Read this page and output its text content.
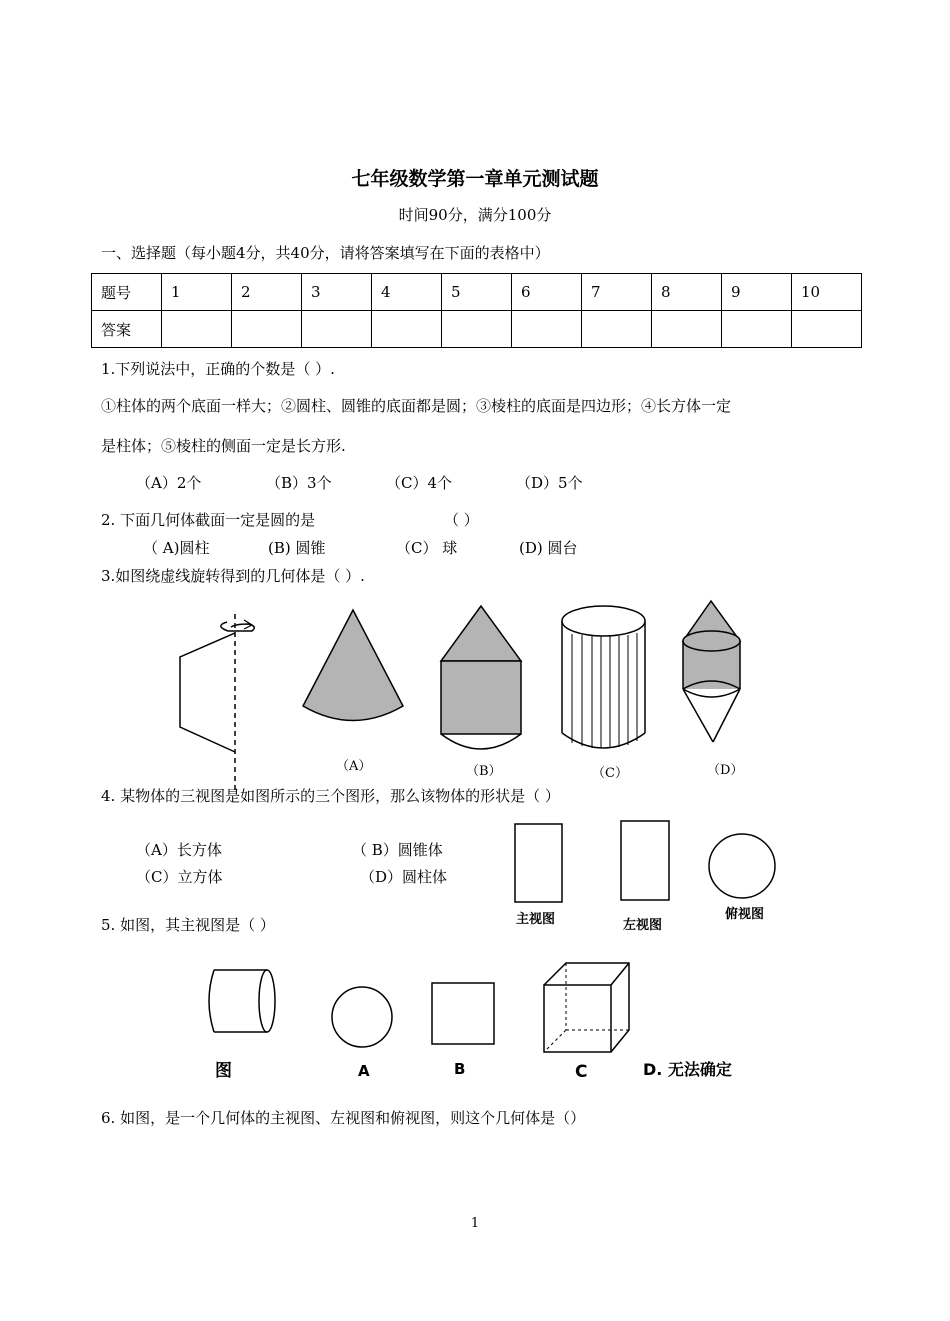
七年级数学第一章单元测试题
时间90分，满分100分
一、选择题（每小题4分，共40分，请将答案填写在下面的表格中）
题号	1	2	3	4	5	6	7	8	9	10
答案										
1.下列说法中，正确的个数是（ ）.
①柱体的两个底面一样大；②圆柱、圆锥的底面都是圆；③棱柱的底面是四边形；④长方体一定
是柱体；⑤棱柱的侧面一定是长方形.
（A）2个	（B）3个	（C）4个	（D）5个
2. 下面几何体截面一定是圆的是	（ ）
（ A)圆柱	(B) 圆锥	（C） 球	(D) 圆台
3.如图绕虚线旋转得到的几何体是（ ）.
（A）	（B）	（C）	（D）
4. 某物体的三视图是如图所示的三个图形，那么该物体的形状是（ ）
（A）长方体	（ B）圆锥体
（C）立方体	（D）圆柱体
主视图	左视图
俯视图
5. 如图，其主视图是（ ）
图	A	B	C	D. 无法确定
6. 如图，是一个几何体的主视图、左视图和俯视图，则这个几何体是（）
1
